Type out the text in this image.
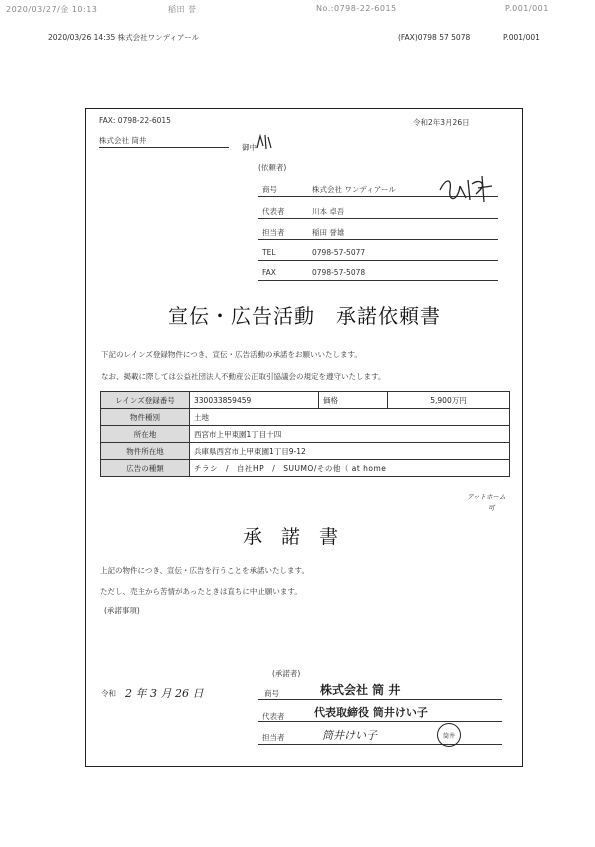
2020/03/27/金 10:13	稲田 誉	No.:0798-22-6015	P.001/001
2020/03/26 14:35 株式会社ワンディアール	(FAX)0798 57 5078	P.001/001
FAX: 0798-22-6015	令和2年3月26日
株式会社 筒井
御中
(依頼者)
商号	株式会社 ワンディアール
代表者	川本 卓吾
担当者	稲田 誉雄
TEL	0798-57-5077
FAX	0798-57-5078
宣伝・広告活動　承諾依頼書
下記のレインズ登録物件につき、宣伝・広告活動の承諾をお願いいたします。
なお、掲載に際しては公益社団法人不動産公正取引協議会の規定を遵守いたします。
レインズ登録番号	330033859459	価格	5,900万円
物件種別	土地		
所在地	西宮市上甲東園1丁目十四		
物件所在地	兵庫県西宮市上甲東園1丁目9-12		
広告の種類	チラシ　/　自社HP　/　SUUMO/その他（ at home		
アットホーム
可
承　諾　書
上記の物件につき、宣伝・広告を行うことを承諾いたします。
ただし、売主から苦情があったときは直ちに中止願います。
(承諾事項)
(承諾者)
令和 2 年 3 月 26 日	商号	株式会社 筒 井
代表者	代表取締役 筒井けい子
担当者	筒井けい子	筒井
